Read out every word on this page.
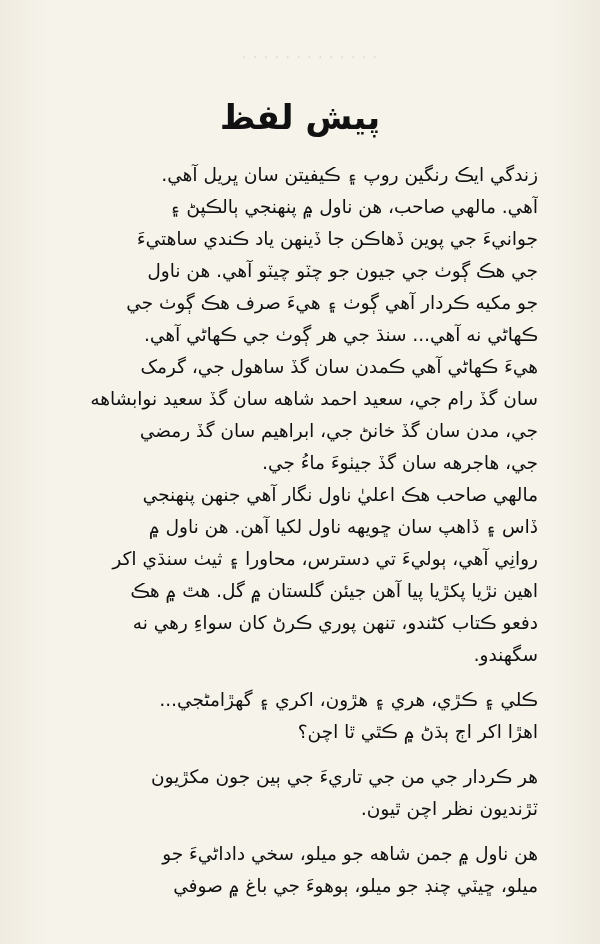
· · · · · · · · · · · · ·
پيش لفظ
زندگي ايڪ رنگين روپ ۽ ڪيفيتن سان ڀريل آهي.
آهي. مالهي صاحب، هن ناول ۾ پنهنجي ٻالڪپڻ ۽
جوانيءَ جي پوين ڏهاڪن جا ڏينهن ياد ڪندي ساهتيءَ
جي هڪ ڳوٺ جي جيون جو چٽو چيٽو آهي. هن ناول
جو مکيه ڪردار آهي ڳوٺ ۽ هيءَ صرف هڪ ڳوٺ جي
ڪهاڻي نه آهي... سنڌ جي هر ڳوٺ جي ڪهاڻي آهي.
هيءَ ڪهاڻي آهي ڪمدن سان گڏ ساهول جي، گرمک
سان گڏ رام جي، سعيد احمد شاهه سان گڏ سعيد نوابشاهه
جي، مدن سان گڏ خانڻ جي، ابراهيم سان گڏ رمضي
جي، هاجرهه سان گڏ جيٺوءَ ماءُ جي.
مالهي صاحب هڪ اعليٰ ناول نگار آهي جنهن پنهنجي
ڏاس ۽ ڏاهپ سان ڇويهه ناول لکيا آهن. هن ناول ۾
روانِي آهي، ٻوليءَ تي دسترس، محاورا ۽ ثيٺ سنڌي اکر
اهين نڙيا پکڙيا پيا آهن جيئن گلستان ۾ گل. هٿ ۾ هڪ
دفعو ڪتاب کڻندو، تنهن پوري ڪرڻ کان سواءِ رهي نه
سگهندو.
ڪلي ۽ ڪڙي، هري ۽ هڙون، اکري ۽ گهڙامڻجي...
اهڙا اکر اڄ ٻڌڻ ۾ ڪٿي ٿا اچن؟
هر ڪردار جي من جي تاريءَ جي ٻين جون مکڙيون
ٽڙنديون نظر اچن ٿيون.
هن ناول ۾ جمن شاهه جو ميلو، سخي داداڻيءَ جو
ميلو، ڇيٽي چنڊ جو ميلو، ٻوهوءَ جي باغ ۾ صوفي
